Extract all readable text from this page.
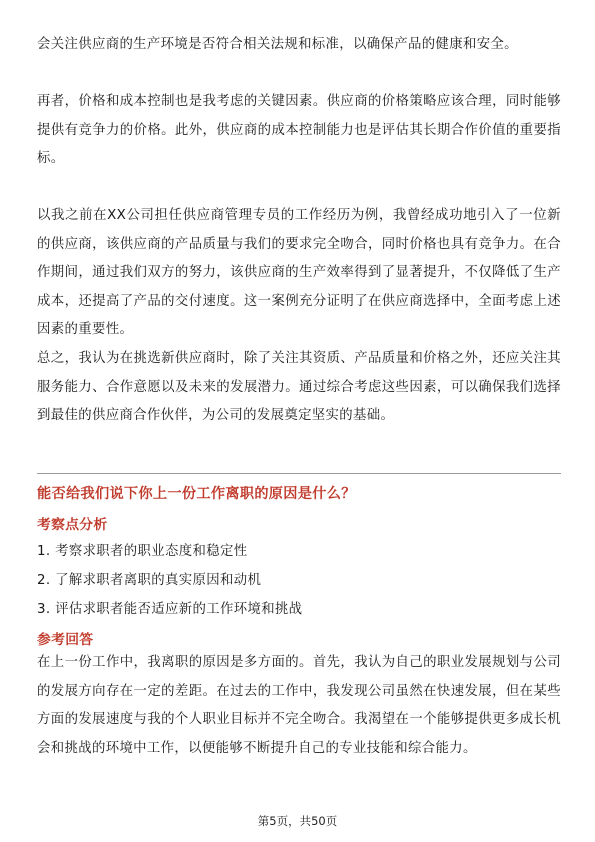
会关注供应商的生产环境是否符合相关法规和标准，以确保产品的健康和安全。

再者，价格和成本控制也是我考虑的关键因素。供应商的价格策略应该合理，同时能够提供有竞争力的价格。此外，供应商的成本控制能力也是评估其长期合作价值的重要指标。

以我之前在XX公司担任供应商管理专员的工作经历为例，我曾经成功地引入了一位新的供应商，该供应商的产品质量与我们的要求完全吻合，同时价格也具有竞争力。在合作期间，通过我们双方的努力，该供应商的生产效率得到了显著提升，不仅降低了生产成本，还提高了产品的交付速度。这一案例充分证明了在供应商选择中，全面考虑上述因素的重要性。

总之，我认为在挑选新供应商时，除了关注其资质、产品质量和价格之外，还应关注其服务能力、合作意愿以及未来的发展潜力。通过综合考虑这些因素，可以确保我们选择到最佳的供应商合作伙伴，为公司的发展奠定坚实的基础。

能否给我们说下你上一份工作离职的原因是什么？

考察点分析

1. 考察求职者的职业态度和稳定性

2. 了解求职者离职的真实原因和动机

3. 评估求职者能否适应新的工作环境和挑战

参考回答

在上一份工作中，我离职的原因是多方面的。首先，我认为自己的职业发展规划与公司的发展方向存在一定的差距。在过去的工作中，我发现公司虽然在快速发展，但在某些方面的发展速度与我的个人职业目标并不完全吻合。我渴望在一个能够提供更多成长机会和挑战的环境中工作，以便能够不断提升自己的专业技能和综合能力。

第5页，共50页
